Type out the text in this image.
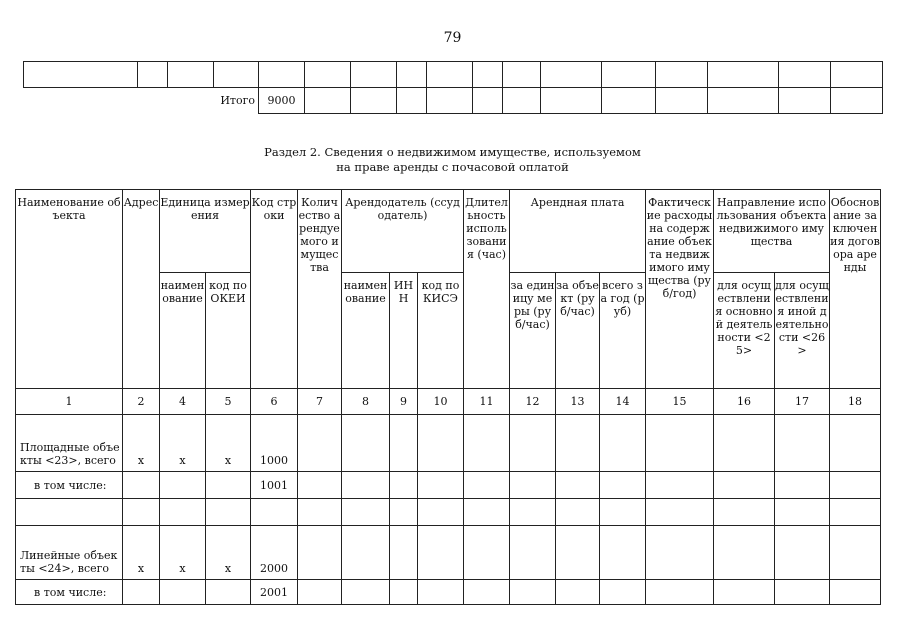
79

			Итого	9000												
Раздел 2. Сведения о недвижимом имуществе, используемом
на праве аренды с почасовой оплатой
Наименование объекта	Адрес	Единица измерения		Код строки	Количество арендуемого имущества	Арендодатель (ссудодатель)			Длительность использования (час)	Арендная плата			Фактические расходы на содержание объекта недвижимого имущества (руб/год)	Направление использования объекта недвижимого имущества		Обоснование заключения договора аренды
		наименование	код по ОКЕИ			наименование	ИНН	код по КИСЭ		за единицу меры (руб/час)	за объект (руб/час)	всего за год (руб)		для осуществления основной деятельности <25>	для осуществления иной деятельности <26>	
1	2	4	5	6	7	8	9	10	11	12	13	14	15	16	17	18
Площадные объекты <23>, всего	х	х	х	1000												
в том числе:				1001												

Линейные объекты <24>, всего	х	х	х	2000												
в том числе:				2001												
